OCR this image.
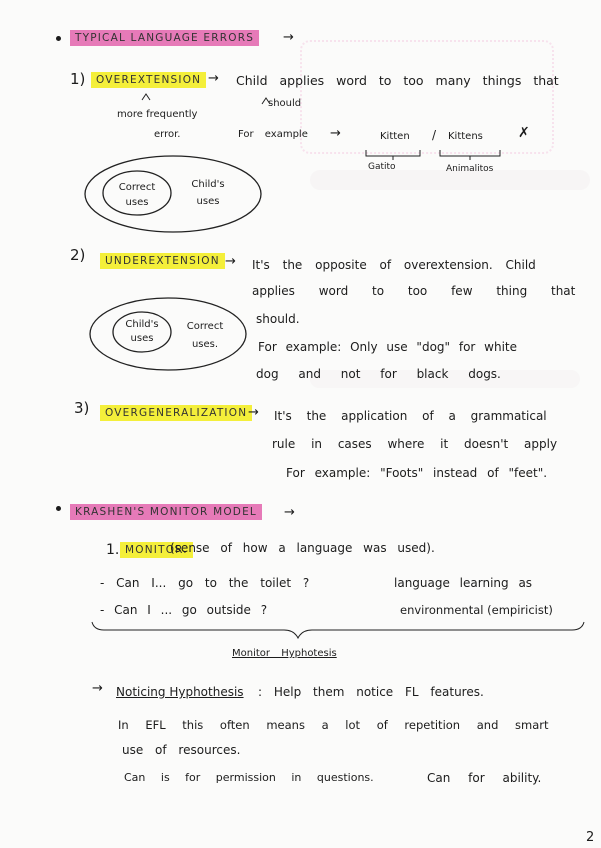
TYPICAL LANGUAGE ERRORS	→
1)	OVEREXTENSION → Child applies word to too many things that
should
more frequently
error.	For example →	Kitten / Kittens	✗
Gatito	Animalitos
2)	UNDEREXTENSION → It's the opposite of overextension. Child
applies word to too few thing that
should.
For example: Only use "dog" for white
dog and not for black dogs.
3)	OVERGENERALIZATION → It's the application of a grammatical
rule in cases where it doesn't apply
For example: "Foots" instead of "feet".
KRASHEN'S MONITOR MODEL	→
1. MONITOR.
(sense of how a language was used).
- Can I... go to the toilet ?
- Can I ... go outside ?
language learning as
environmental (empiricist)
Monitor Hyphotesis
→ Noticing Hyphothesis : Help them notice FL features.
In EFL this often means a lot of repetition and smart
use of resources.
Can is for permission in questions.	Can for ability.
2
Correct uses
Child's uses
Child's uses
Correct uses.
